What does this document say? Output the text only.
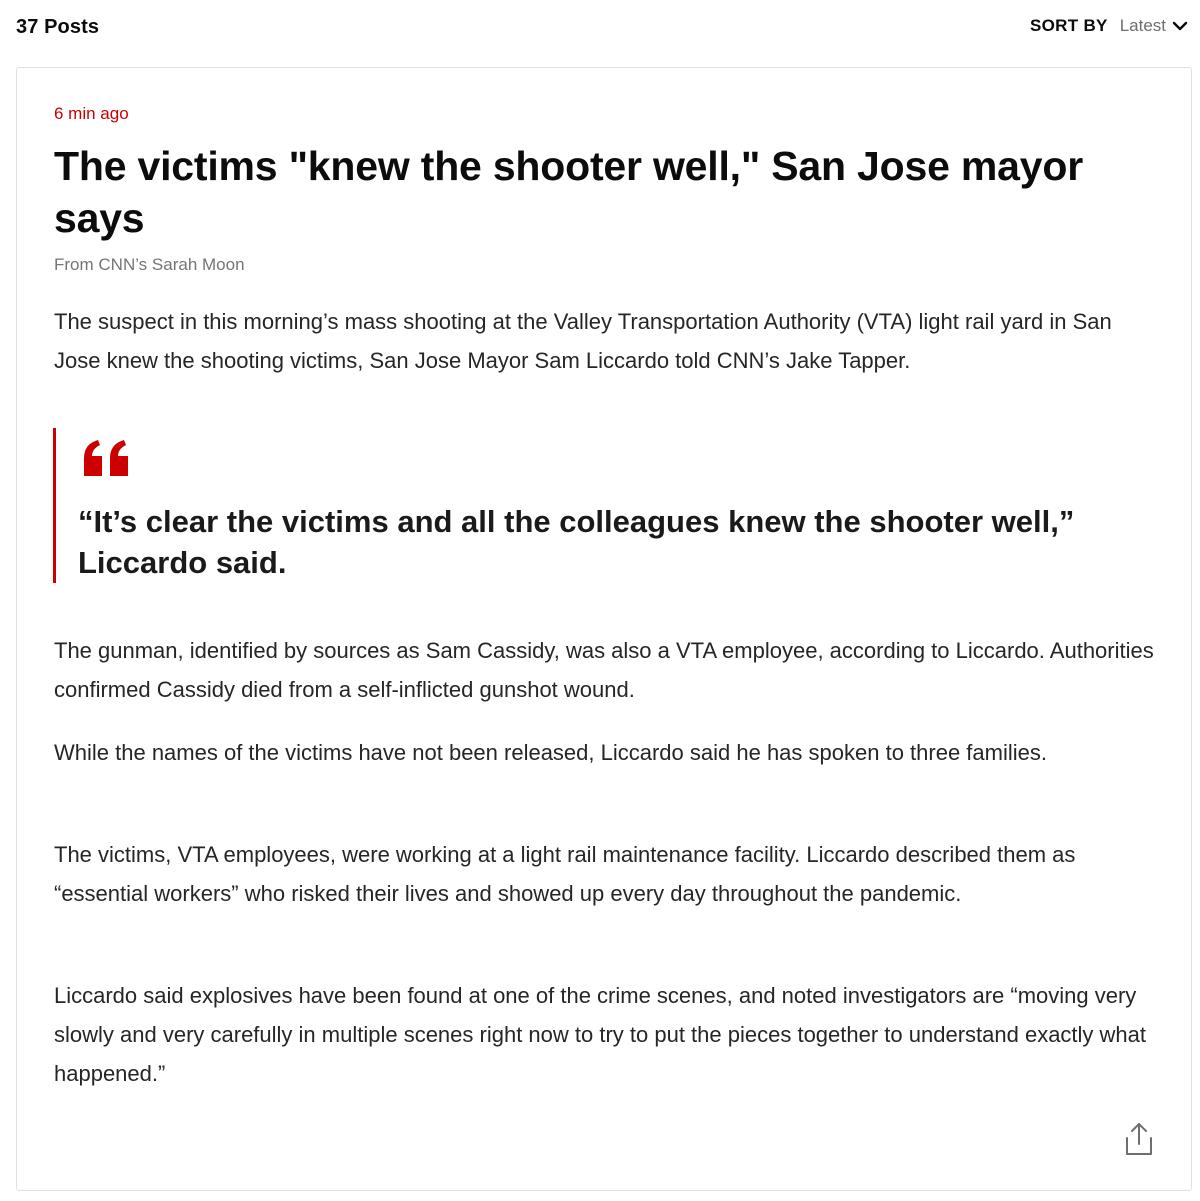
37 Posts	SORT BY Latest
6 min ago
The victims "knew the shooter well," San Jose mayor says
From CNN’s Sarah Moon

The suspect in this morning’s mass shooting at the Valley Transportation Authority (VTA) light rail yard in San Jose knew the shooting victims, San Jose Mayor Sam Liccardo told CNN’s Jake Tapper.

“It’s clear the victims and all the colleagues knew the shooter well,” Liccardo said.

The gunman, identified by sources as Sam Cassidy, was also a VTA employee, according to Liccardo. Authorities confirmed Cassidy died from a self-inflicted gunshot wound.

While the names of the victims have not been released, Liccardo said he has spoken to three families.

The victims, VTA employees, were working at a light rail maintenance facility. Liccardo described them as “essential workers” who risked their lives and showed up every day throughout the pandemic.

Liccardo said explosives have been found at one of the crime scenes, and noted investigators are “moving very slowly and very carefully in multiple scenes right now to try to put the pieces together to understand exactly what happened.”
